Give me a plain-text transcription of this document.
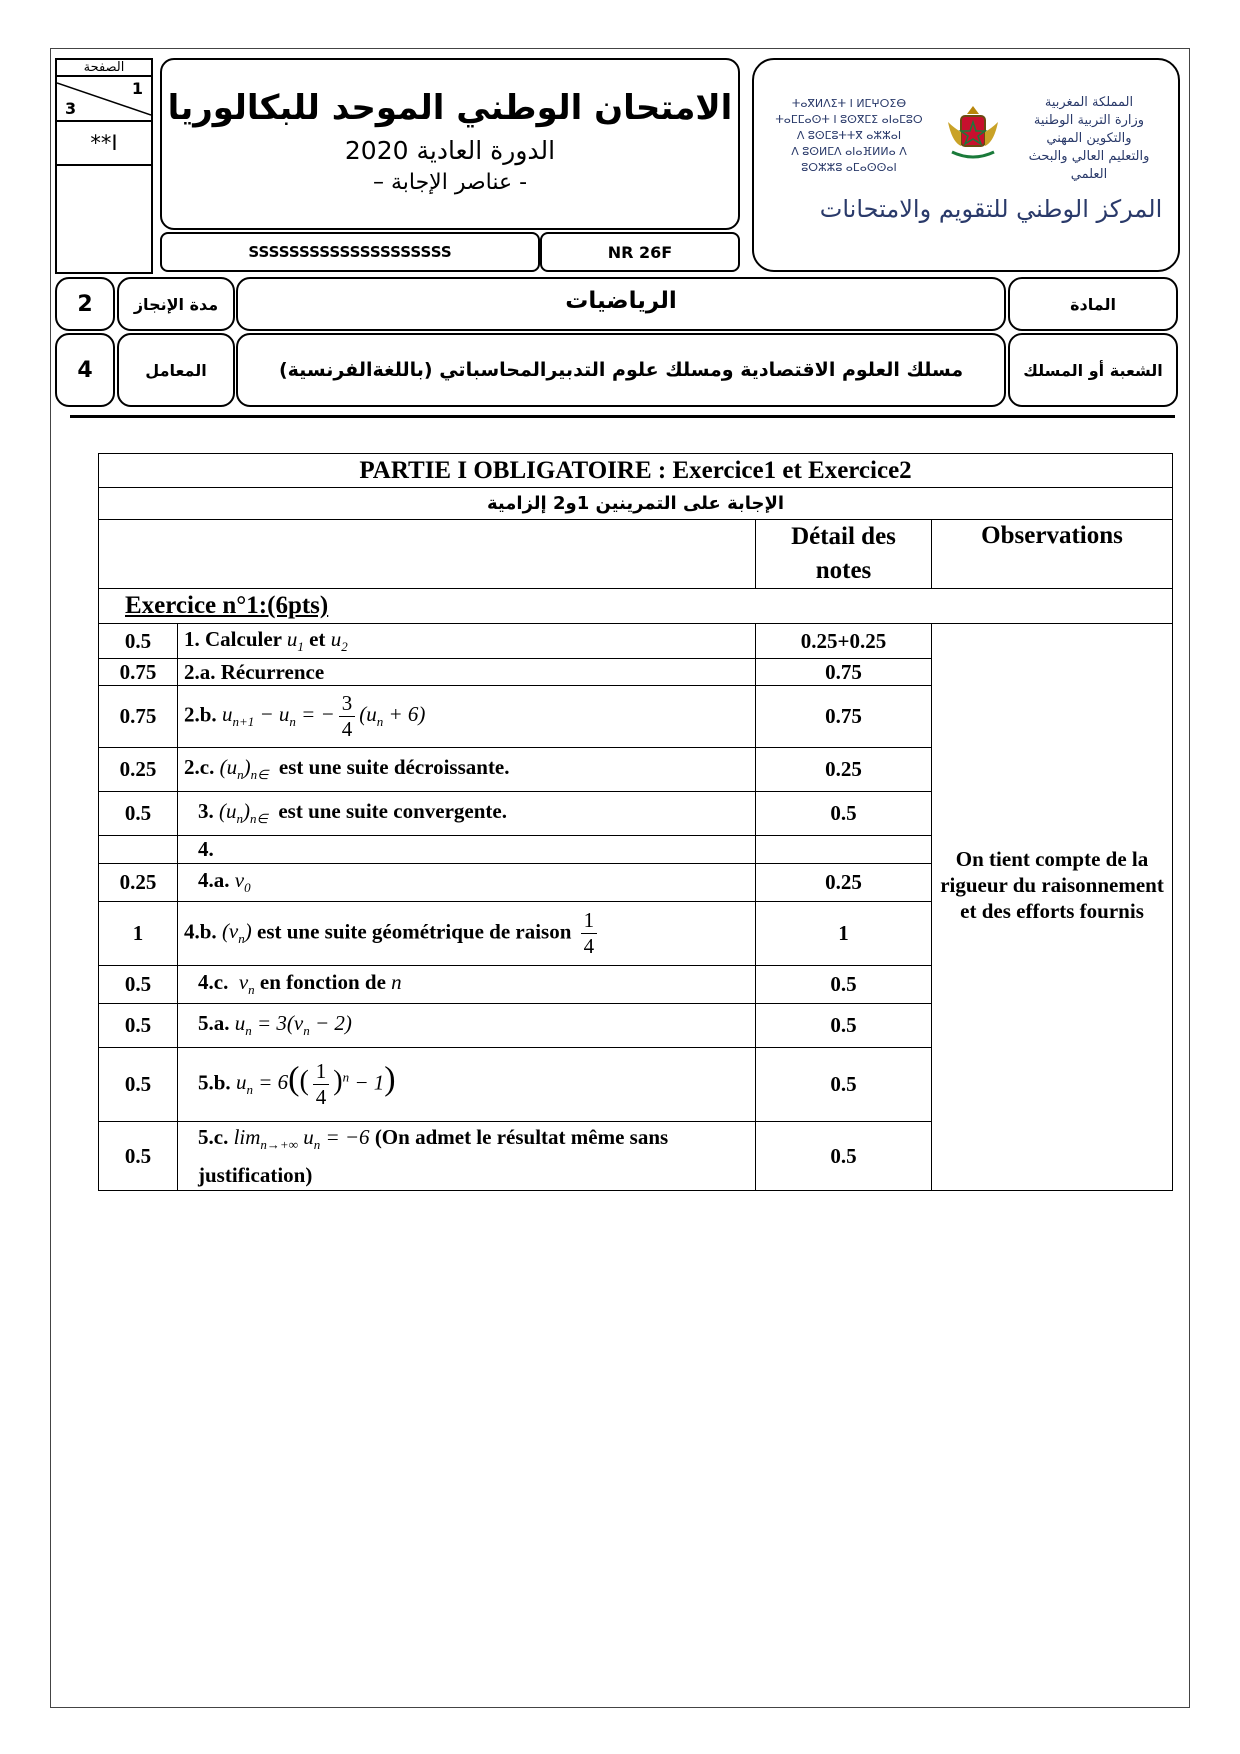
الصفحة
1
3
**I
الامتحان الوطني الموحد للبكالوريا
الدورة العادية 2020
- عناصر الإجابة –
SSSSSSSSSSSSSSSSSSSS	NR 26F
ⵜⴰⴳⵍⴷⵉⵜ ⵏ ⵍⵎⵖⵔⵉⴱ
ⵜⴰⵎⵎⴰⵙⵜ ⵏ ⵓⵙⴳⵎⵉ ⴰⵏⴰⵎⵓⵔ
ⴷ ⵓⵙⵎⵓⵜⵜⴳ ⴰⵣⵣⴰⵏ
ⴷ ⵓⵙⵍⵎⴷ ⴰⵏⴰⴼⵍⵍⴰ ⴷ ⵓⵔⵣⵣⵓ ⴰⵎⴰⵙⵙⴰⵏ
المملكة المغربية
وزارة التربية الوطنية
والتكوين المهني
والتعليم العالي والبحث العلمي
المركز الوطني للتقويم والامتحانات
2	مدة الإنجاز	الرياضيات	المادة
4	المعامل	مسلك العلوم الاقتصادية ومسلك علوم التدبيرالمحاسباتي (باللغةالفرنسية)	الشعبة أو المسلك
PARTIE I OBLIGATOIRE : Exercice1 et Exercice2			
الإجابة على التمرينين 1و2 إلزامية			
		Détail des notes	Observations
Exercice n°1:(6pts)			
0.5	1. Calculer $u_1$ et $u_2$	0.25+0.25	On tient compte de la rigueur du raisonnement et des efforts fournis
0.75	2.a. Récurrence	0.75	
0.75	2.b. $u_{n+1} - u_n$ = − $\frac{3}{4} (u_n + 6)$	0.75	
0.25	2.c. $(u_n)_{n\in}$ est une suite décroissante.	0.25	
0.5	3. $(u_n)_{n\in}$ est une suite convergente.	0.5	
	4.		
0.25	4.a. $v_0$	0.25	
1	4.b. $(v_n)$ est une suite géométrique de raison $\frac{1}{4}$	1	
0.5	4.c. $v_n$ en fonction de n	0.5	
0.5	5.a. $u_n = 3(v_n - 2)$	0.5	
0.5	5.b. $u_n = 6(( \frac{1}{4} )^n - 1)$	0.5	
0.5	5.c. $\lim_{n\to+\infty} u_n = -6$ (On admet le résultat même sans justification)	0.5	
